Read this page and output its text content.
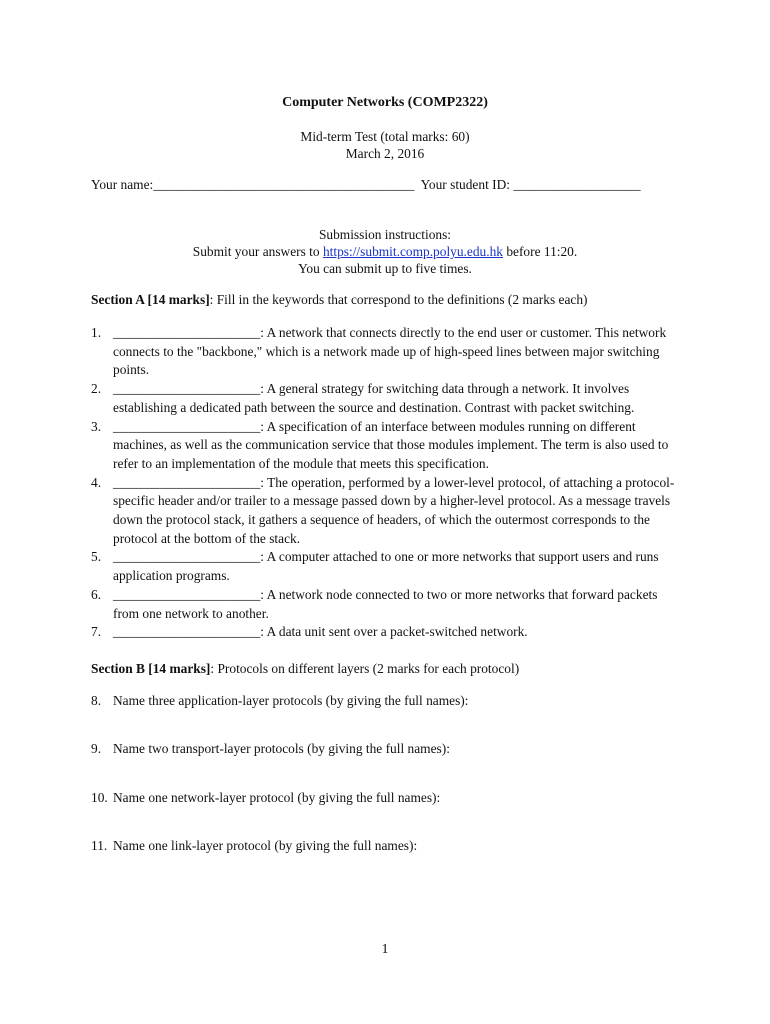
Computer Networks (COMP2322)
Mid-term Test (total marks: 60)
March 2, 2016
Your name:_______________________________________ Your student ID: ___________________
Submission instructions:
Submit your answers to https://submit.comp.polyu.edu.hk before 11:20.
You can submit up to five times.
Section A [14 marks]: Fill in the keywords that correspond to the definitions (2 marks each)
1. ______________________: A network that connects directly to the end user or customer. This network connects to the "backbone," which is a network made up of high-speed lines between major switching points.
2. ______________________: A general strategy for switching data through a network. It involves establishing a dedicated path between the source and destination. Contrast with packet switching.
3. ______________________: A specification of an interface between modules running on different machines, as well as the communication service that those modules implement. The term is also used to refer to an implementation of the module that meets this specification.
4. ______________________: The operation, performed by a lower-level protocol, of attaching a protocol-specific header and/or trailer to a message passed down by a higher-level protocol. As a message travels down the protocol stack, it gathers a sequence of headers, of which the outermost corresponds to the protocol at the bottom of the stack.
5. ______________________: A computer attached to one or more networks that support users and runs application programs.
6. ______________________: A network node connected to two or more networks that forward packets from one network to another.
7. ______________________: A data unit sent over a packet-switched network.
Section B [14 marks]: Protocols on different layers (2 marks for each protocol)
8. Name three application-layer protocols (by giving the full names):
9. Name two transport-layer protocols (by giving the full names):
10. Name one network-layer protocol (by giving the full names):
11. Name one link-layer protocol (by giving the full names):
1
